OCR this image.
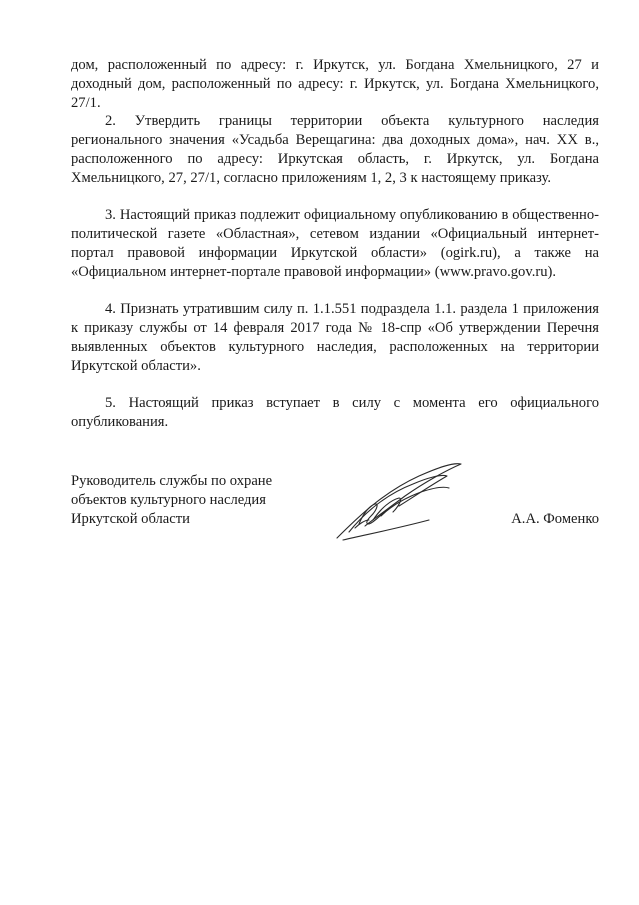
дом, расположенный по адресу: г. Иркутск, ул. Богдана Хмельницкого, 27 и доходный дом, расположенный по адресу: г. Иркутск, ул. Богдана Хмельницкого, 27/1.

2. Утвердить границы территории объекта культурного наследия регионального значения «Усадьба Верещагина: два доходных дома», нач. XX в., расположенного по адресу: Иркутская область, г. Иркутск, ул. Богдана Хмельницкого, 27, 27/1, согласно приложениям 1, 2, 3 к настоящему приказу.

3. Настоящий приказ подлежит официальному опубликованию в общественно-политической газете «Областная», сетевом издании «Официальный интернет-портал правовой информации Иркутской области» (ogirk.ru), а также на «Официальном интернет-портале правовой информации» (www.pravo.gov.ru).

4. Признать утратившим силу п. 1.1.551 подраздела 1.1. раздела 1 приложения к приказу службы от 14 февраля 2017 года № 18-спр «Об утверждении Перечня выявленных объектов культурного наследия, расположенных на территории Иркутской области».

5. Настоящий приказ вступает в силу с момента его официального опубликования.

Руководитель службы по охране
объектов культурного наследия
Иркутской области	А.А. Фоменко
